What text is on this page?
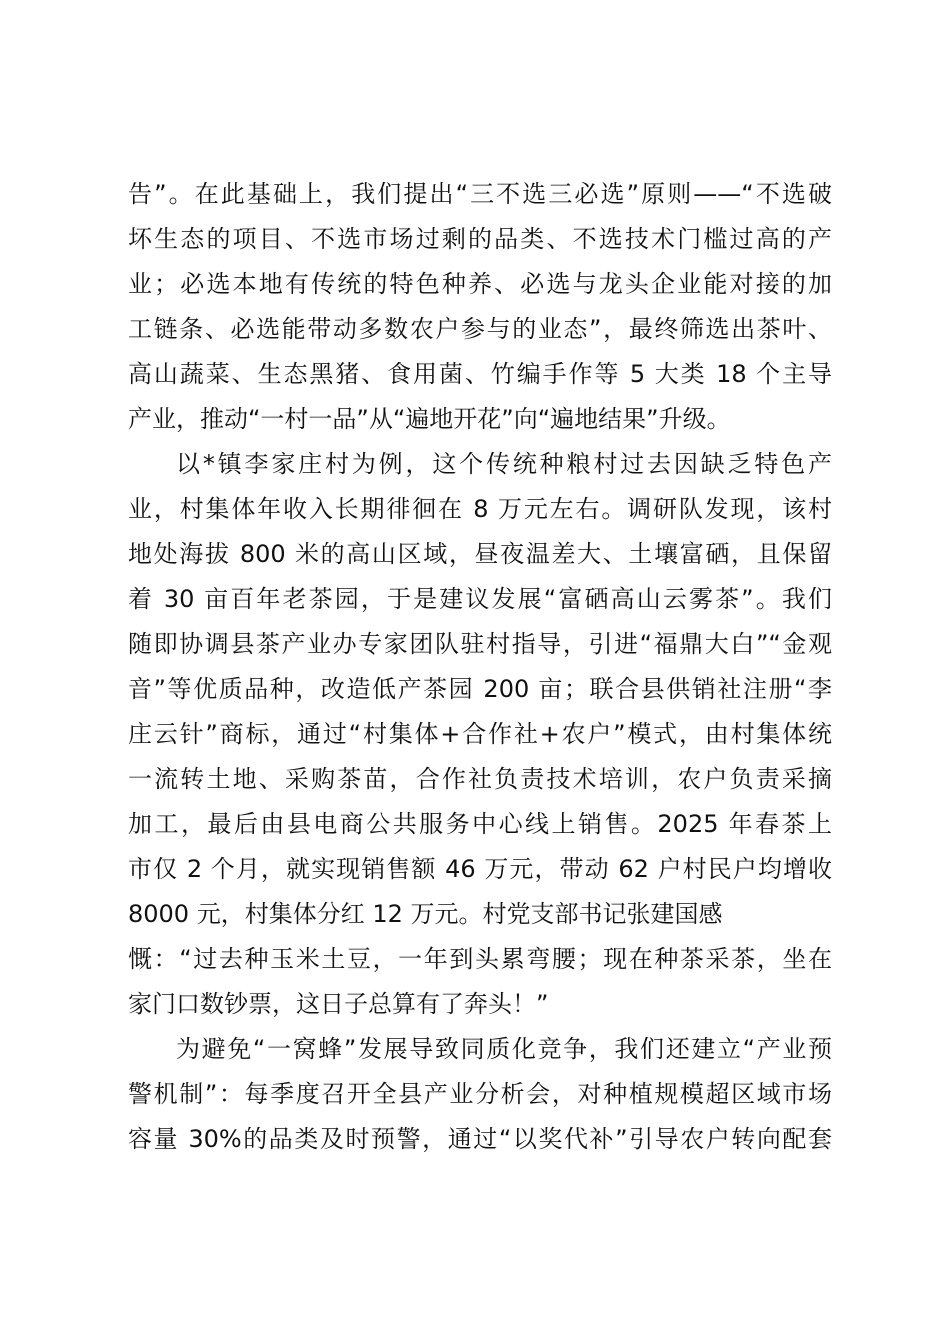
告”。在此基础上，我们提出“三不选三必选”原则——“不选破
坏生态的项目、不选市场过剩的品类、不选技术门槛过高的产
业；必选本地有传统的特色种养、必选与龙头企业能对接的加
工链条、必选能带动多数农户参与的业态”，最终筛选出茶叶、
高山蔬菜、生态黑猪、食用菌、竹编手作等 5 大类 18 个主导
产业，推动“一村一品”从“遍地开花”向“遍地结果”升级。
以*镇李家庄村为例，这个传统种粮村过去因缺乏特色产
业，村集体年收入长期徘徊在 8 万元左右。调研队发现，该村
地处海拔 800 米的高山区域，昼夜温差大、土壤富硒，且保留
着 30 亩百年老茶园，于是建议发展“富硒高山云雾茶”。我们
随即协调县茶产业办专家团队驻村指导，引进“福鼎大白”“金观
音”等优质品种，改造低产茶园 200 亩；联合县供销社注册“李
庄云针”商标，通过“村集体+合作社+农户”模式，由村集体统
一流转土地、采购茶苗，合作社负责技术培训，农户负责采摘
加工，最后由县电商公共服务中心线上销售。2025 年春茶上
市仅 2 个月，就实现销售额 46 万元，带动 62 户村民户均增收
8000 元，村集体分红 12 万元。村党支部书记张建国感
慨：“过去种玉米土豆，一年到头累弯腰；现在种茶采茶，坐在
家门口数钞票，这日子总算有了奔头！”
为避免“一窝蜂”发展导致同质化竞争，我们还建立“产业预
警机制”：每季度召开全县产业分析会，对种植规模超区域市场
容量 30%的品类及时预警，通过“以奖代补”引导农户转向配套
